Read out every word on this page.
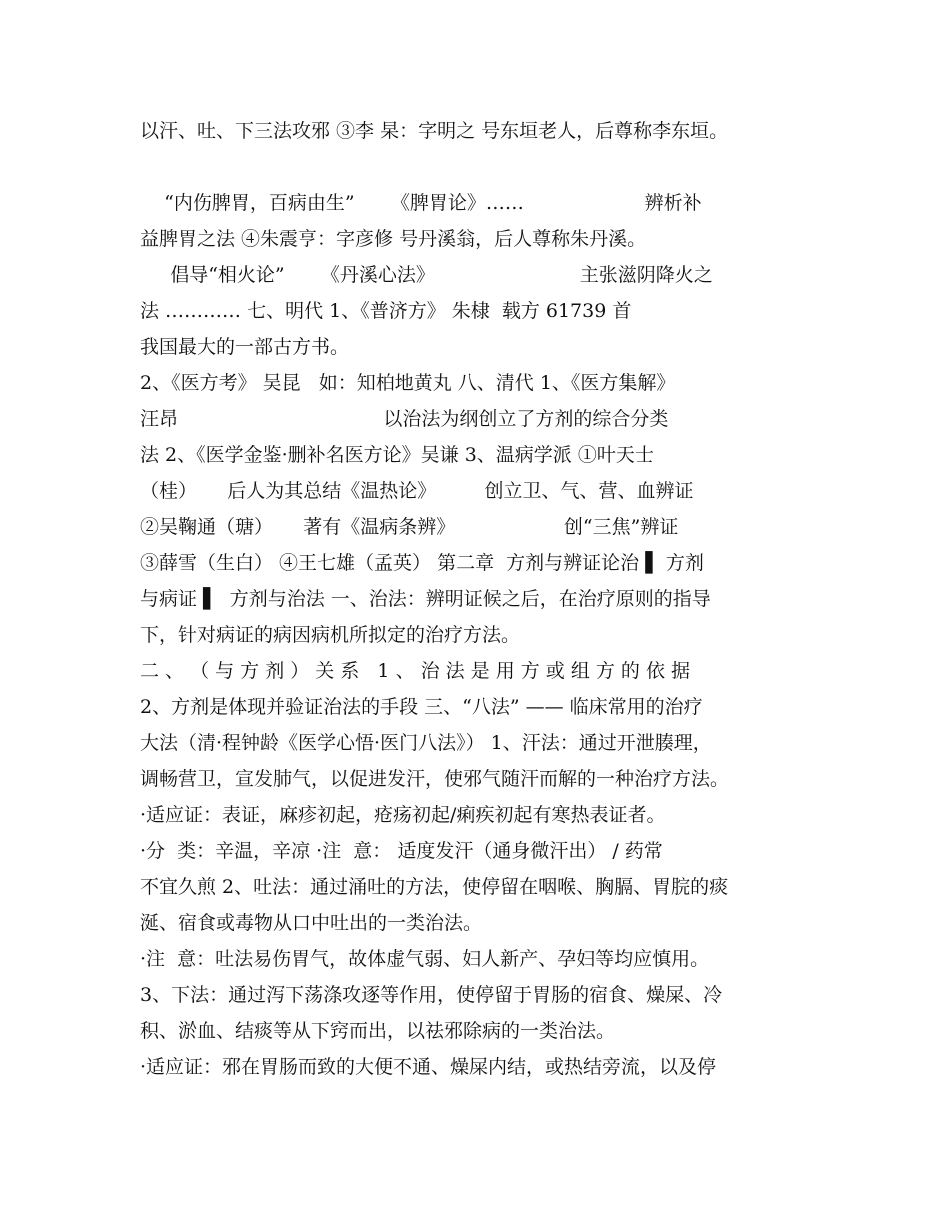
以汗、吐、下三法攻邪 ③李 杲：字明之 号东垣老人，后尊称李东垣。
“内伤脾胃，百病由生”      《脾胃论》……                    辨析补
益脾胃之法 ④朱震亨：字彦修 号丹溪翁，后人尊称朱丹溪。
倡导“相火论”      《丹溪心法》                        主张滋阴降火之
法 ………… 七、明代 1、《普济方》 朱棣  载方 61739 首
我国最大的一部古方书。
2、《医方考》 吴昆   如：知柏地黄丸 八、清代 1、《医方集解》
汪昂                                  以治法为纲创立了方剂的综合分类
法 2、《医学金鉴·删补名医方论》吴谦 3、温病学派 ①叶天士
（桂）     后人为其总结《温热论》        创立卫、气、营、血辨证
②吴鞠通（瑭）     著有《温病条辨》                  创“三焦”辨证
③薛雪（生白） ④王七雄（孟英） 第二章  方剂与辨证论治 ▌ 方剂
与病证 ▌  方剂与治法 一、治法：辨明证候之后，在治疗原则的指导
下，针对病证的病因病机所拟定的治疗方法。
二 、 （ 与 方 剂 ） 关 系   1 、 治 法 是 用 方 或 组 方 的 依 据
2、方剂是体现并验证治法的手段 三、“八法” —— 临床常用的治疗
大法（清·程钟龄《医学心悟·医门八法》） 1、汗法：通过开泄腠理，
调畅营卫，宣发肺气，以促进发汗，使邪气随汗而解的一种治疗方法。
·适应证：表证，麻疹初起，疮疡初起/痢疾初起有寒热表证者。
·分  类：辛温，辛凉 ·注  意： 适度发汗（通身微汗出） / 药常
不宜久煎 2、吐法：通过涌吐的方法，使停留在咽喉、胸膈、胃脘的痰
涎、宿食或毒物从口中吐出的一类治法。
·注  意：吐法易伤胃气，故体虚气弱、妇人新产、孕妇等均应慎用。
3、下法：通过泻下荡涤攻逐等作用，使停留于胃肠的宿食、燥屎、冷
积、淤血、结痰等从下窍而出，以祛邪除病的一类治法。
·适应证：邪在胃肠而致的大便不通、燥屎内结，或热结旁流，以及停
